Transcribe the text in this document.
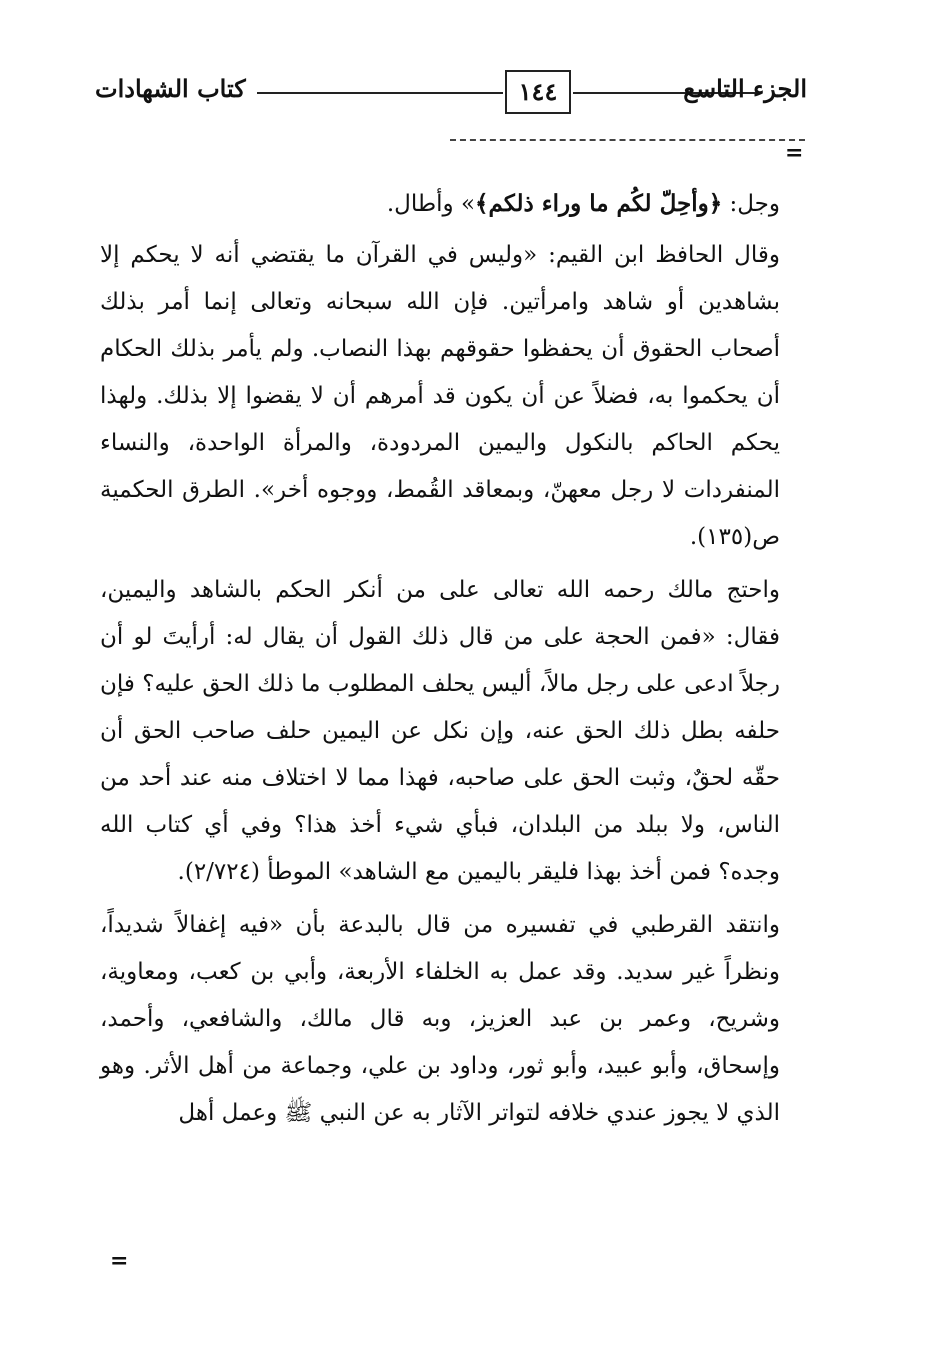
كتاب الشهادات	١٤٤	الجزء التاسع
=

وجل: ﴿وأحِلّ لكُم ما وراء ذلكم﴾» وأطال.

وقال الحافظ ابن القيم: «وليس في القرآن ما يقتضي أنه لا يحكم إلا بشاهدين أو شاهد وامرأتين. فإن الله سبحانه وتعالى إنما أمر بذلك أصحاب الحقوق أن يحفظوا حقوقهم بهذا النصاب. ولم يأمر بذلك الحكام أن يحكموا به، فضلاً عن أن يكون قد أمرهم أن لا يقضوا إلا بذلك. ولهذا يحكم الحاكم بالنكول واليمين المردودة، والمرأة الواحدة، والنساء المنفردات لا رجل معهنّ، وبمعاقد القُمط، ووجوه أخر». الطرق الحكمية ص(١٣٥).

واحتج مالك رحمه الله تعالى على من أنكر الحكم بالشاهد واليمين، فقال: «فمن الحجة على من قال ذلك القول أن يقال له: أرأيتَ لو أن رجلاً ادعى على رجل مالاً، أليس يحلف المطلوب ما ذلك الحق عليه؟ فإن حلفه بطل ذلك الحق عنه، وإن نكل عن اليمين حلف صاحب الحق أن حقّه لحقٌ، وثبت الحق على صاحبه، فهذا مما لا اختلاف منه عند أحد من الناس، ولا ببلد من البلدان، فبأي شيء أخذ هذا؟ وفي أي كتاب الله وجده؟ فمن أخذ بهذا فليقر باليمين مع الشاهد» الموطأ (٢/٧٢٤).

وانتقد القرطبي في تفسيره من قال بالبدعة بأن «فيه إغفالاً شديداً، ونظراً غير سديد. وقد عمل به الخلفاء الأربعة، وأبي بن كعب، ومعاوية، وشريح، وعمر بن عبد العزيز، وبه قال مالك، والشافعي، وأحمد، وإسحاق، وأبو عبيد، وأبو ثور، وداود بن علي، وجماعة من أهل الأثر. وهو الذي لا يجوز عندي خلافه لتواتر الآثار به عن النبي ﷺ وعمل أهل

=
